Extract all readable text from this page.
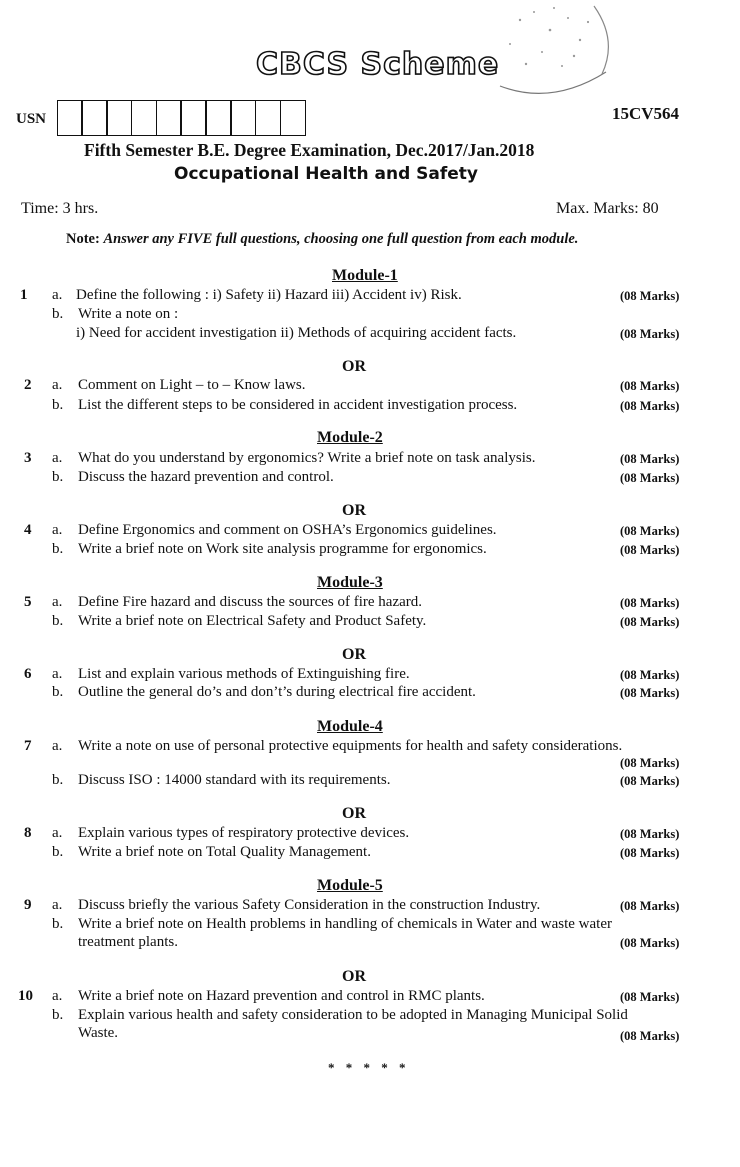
CBCS Scheme
USN	15CV564
Fifth Semester B.E. Degree Examination, Dec.2017/Jan.2018
Occupational Health and Safety
Time: 3 hrs.	Max. Marks: 80
Note: Answer any FIVE full questions, choosing one full question from each module.
Module-1
1 a. Define the following : i) Safety ii) Hazard iii) Accident iv) Risk.	(08 Marks)
b. Write a note on :
i) Need for accident investigation ii) Methods of acquiring accident facts.	(08 Marks)
OR
2 a. Comment on Light – to – Know laws.	(08 Marks)
b. List the different steps to be considered in accident investigation process.	(08 Marks)
Module-2
3 a. What do you understand by ergonomics? Write a brief note on task analysis.	(08 Marks)
b. Discuss the hazard prevention and control.	(08 Marks)
OR
4 a. Define Ergonomics and comment on OSHA’s Ergonomics guidelines.	(08 Marks)
b. Write a brief note on Work site analysis programme for ergonomics.	(08 Marks)
Module-3
5 a. Define Fire hazard and discuss the sources of fire hazard.	(08 Marks)
b. Write a brief note on Electrical Safety and Product Safety.	(08 Marks)
OR
6 a. List and explain various methods of Extinguishing fire.	(08 Marks)
b. Outline the general do’s and don’t’s during electrical fire accident.	(08 Marks)
Module-4
7 a. Write a note on use of personal protective equipments for health and safety considerations.
(08 Marks)
b. Discuss ISO : 14000 standard with its requirements.	(08 Marks)
OR
8 a. Explain various types of respiratory protective devices.	(08 Marks)
b. Write a brief note on Total Quality Management.	(08 Marks)
Module-5
9 a. Discuss briefly the various Safety Consideration in the construction Industry.	(08 Marks)
b. Write a brief note on Health problems in handling of chemicals in Water and waste water
treatment plants.	(08 Marks)
OR
10 a. Write a brief note on Hazard prevention and control in RMC plants.	(08 Marks)
b. Explain various health and safety consideration to be adopted in Managing Municipal Solid
Waste.	(08 Marks)
* * * * *
